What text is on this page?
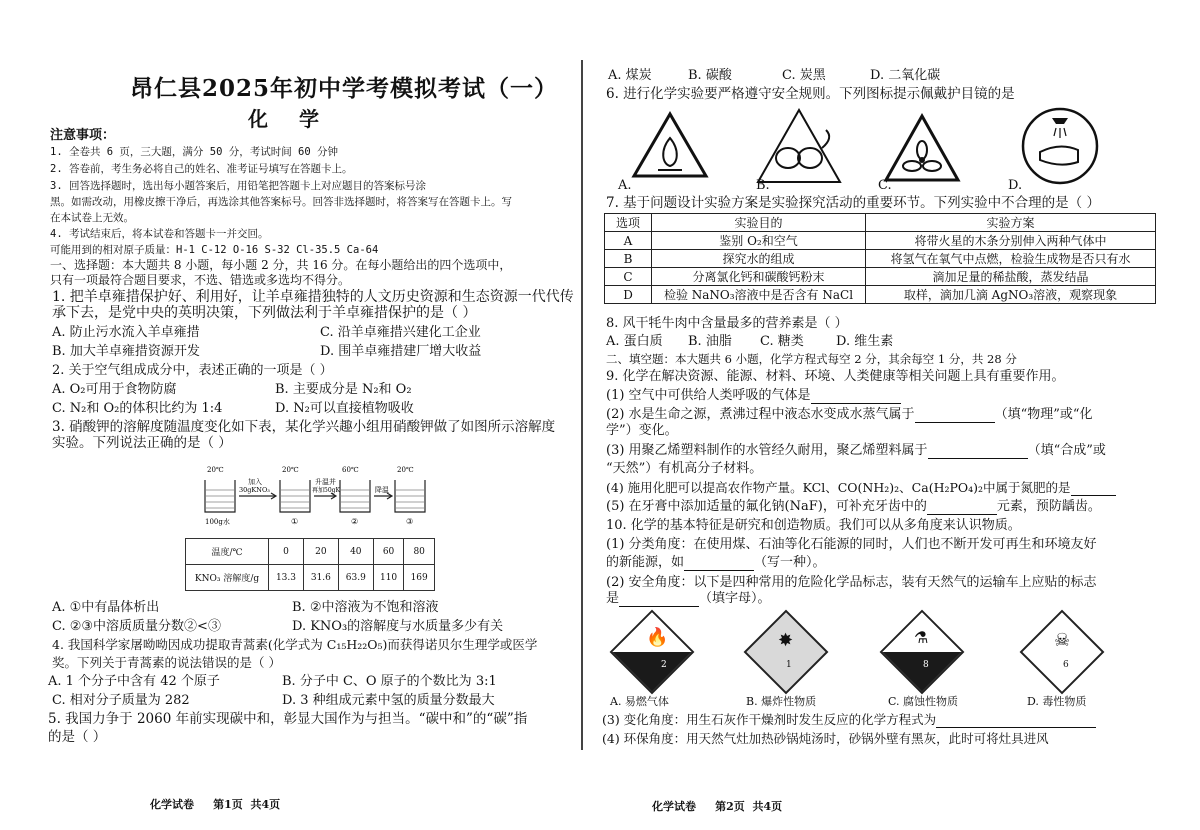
昂仁县2025年初中学考模拟考试（一）
化 学
注意事项：
1. 全卷共 6 页，三大题，满分 50 分，考试时间 60 分钟
2. 答卷前，考生务必将自己的姓名、准考证号填写在答题卡上。
3. 回答选择题时，选出每小题答案后，用铅笔把答题卡上对应题目的答案标号涂
黑。如需改动，用橡皮擦干净后，再选涂其他答案标号。回答非选择题时，将答案写在答题卡上。写
在本试卷上无效。
4. 考试结束后，将本试卷和答题卡一并交回。
可能用到的相对原子质量：H-1 C-12 O-16 S-32 Cl-35.5 Ca-64
一、选择题：本大题共 8 小题，每小题 2 分，共 16 分。在每小题给出的四个选项中，
只有一项最符合题目要求，不选、错选或多选均不得分。
1. 把羊卓雍措保护好、利用好，让羊卓雍措独特的人文历史资源和生态资源一代代传
承下去，是党中央的英明决策，下列做法利于羊卓雍措保护的是（ ）
A. 防止污水流入羊卓雍措	C. 沿羊卓雍措兴建化工企业
B. 加大羊卓雍措资源开发	D. 围羊卓雍措建厂增大收益
2. 关于空气组成成分中，表述正确的一项是（ ）
A. O₂可用于食物防腐	B. 主要成分是 N₂和 O₂
C. N₂和 O₂的体积比约为 1:4	D. N₂可以直接植物吸收
3. 硝酸钾的溶解度随温度变化如下表，某化学兴趣小组用硝酸钾做了如图所示溶解度
实验。下列说法正确的是（ ）
20℃	20℃	60℃	20℃
加入
30gKNO₃
升温并
再加50gK	降温
100g水	①	②	③
温度/℃	0	20	40	60	80
KNO₃ 溶解度/g	13.3	31.6	63.9	110	169
A. ①中有晶体析出	B. ②中溶液为不饱和溶液
C. ②③中溶质质量分数②<③	D. KNO₃的溶解度与水质量多少有关
4. 我国科学家屠呦呦因成功提取青蒿素(化学式为 C₁₅H₂₂O₅)而获得诺贝尔生理学或医学
奖。下列关于青蒿素的说法错误的是（ ）
A. 1 个分子中含有 42 个原子	B. 分子中 C、O 原子的个数比为 3:1
C. 相对分子质量为 282	D. 3 种组成元素中氢的质量分数最大
5. 我国力争于 2060 年前实现碳中和，彰显大国作为与担当。“碳中和”的“碳”指
的是（ ）
化学试卷     第1页  共4页
A. 煤炭	B. 碳酸	C. 炭黑	D. 二氧化碳
6. 进行化学实验要严格遵守安全规则。下列图标提示佩戴护目镜的是
A.	B.	C.	D.
7. 基于问题设计实验方案是实验探究活动的重要环节。下列实验中不合理的是（ ）
选项	实验目的	实验方案
A	鉴别 O₂和空气	将带火星的木条分别伸入两种气体中
B	探究水的组成	将氢气在氧气中点燃，检验生成物是否只有水
C	分离氯化钙和碳酸钙粉末	滴加足量的稀盐酸，蒸发结晶
D	检验 NaNO₃溶液中是否含有 NaCl	取样，滴加几滴 AgNO₃溶液，观察现象
8. 风干牦牛肉中含量最多的营养素是（ ）
A. 蛋白质 B. 油脂 C. 糖类 D. 维生素
二、填空题：本大题共 6 小题，化学方程式每空 2 分，其余每空 1 分，共 28 分
9. 化学在解决资源、能源、材料、环境、人类健康等相关问题上具有重要作用。
(1) 空气中可供给人类呼吸的气体是
(2) 水是生命之源，煮沸过程中液态水变成水蒸气属于	（填“物理”或“化
学”）变化。
(3) 用聚乙烯塑料制作的水管经久耐用，聚乙烯塑料属于	（填“合成”或
“天然”）有机高分子材料。
(4) 施用化肥可以提高农作物产量。KCl、CO(NH₂)₂、Ca(H₂PO₄)₂中属于氮肥的是
(5) 在牙膏中添加适量的氟化钠(NaF)，可补充牙齿中的	元素，预防龋齿。
10. 化学的基本特征是研究和创造物质。我们可以从多角度来认识物质。
(1) 分类角度：在使用煤、石油等化石能源的同时，人们也不断开发可再生和环境友好
的新能源，如	（写一种）。
(2) 安全角度：以下是四种常用的危险化学品标志，装有天然气的运输车上应贴的标志
是	（填字母）。
🔥
2
✸
1
⚗
8
☠
6
A. 易燃气体	B. 爆炸性物质	C. 腐蚀性物质	D. 毒性物质
(3) 变化角度：用生石灰作干燥剂时发生反应的化学方程式为
(4) 环保角度：用天然气灶加热砂锅炖汤时，砂锅外壁有黑灰，此时可将灶具进风
化学试卷     第2页  共4页
